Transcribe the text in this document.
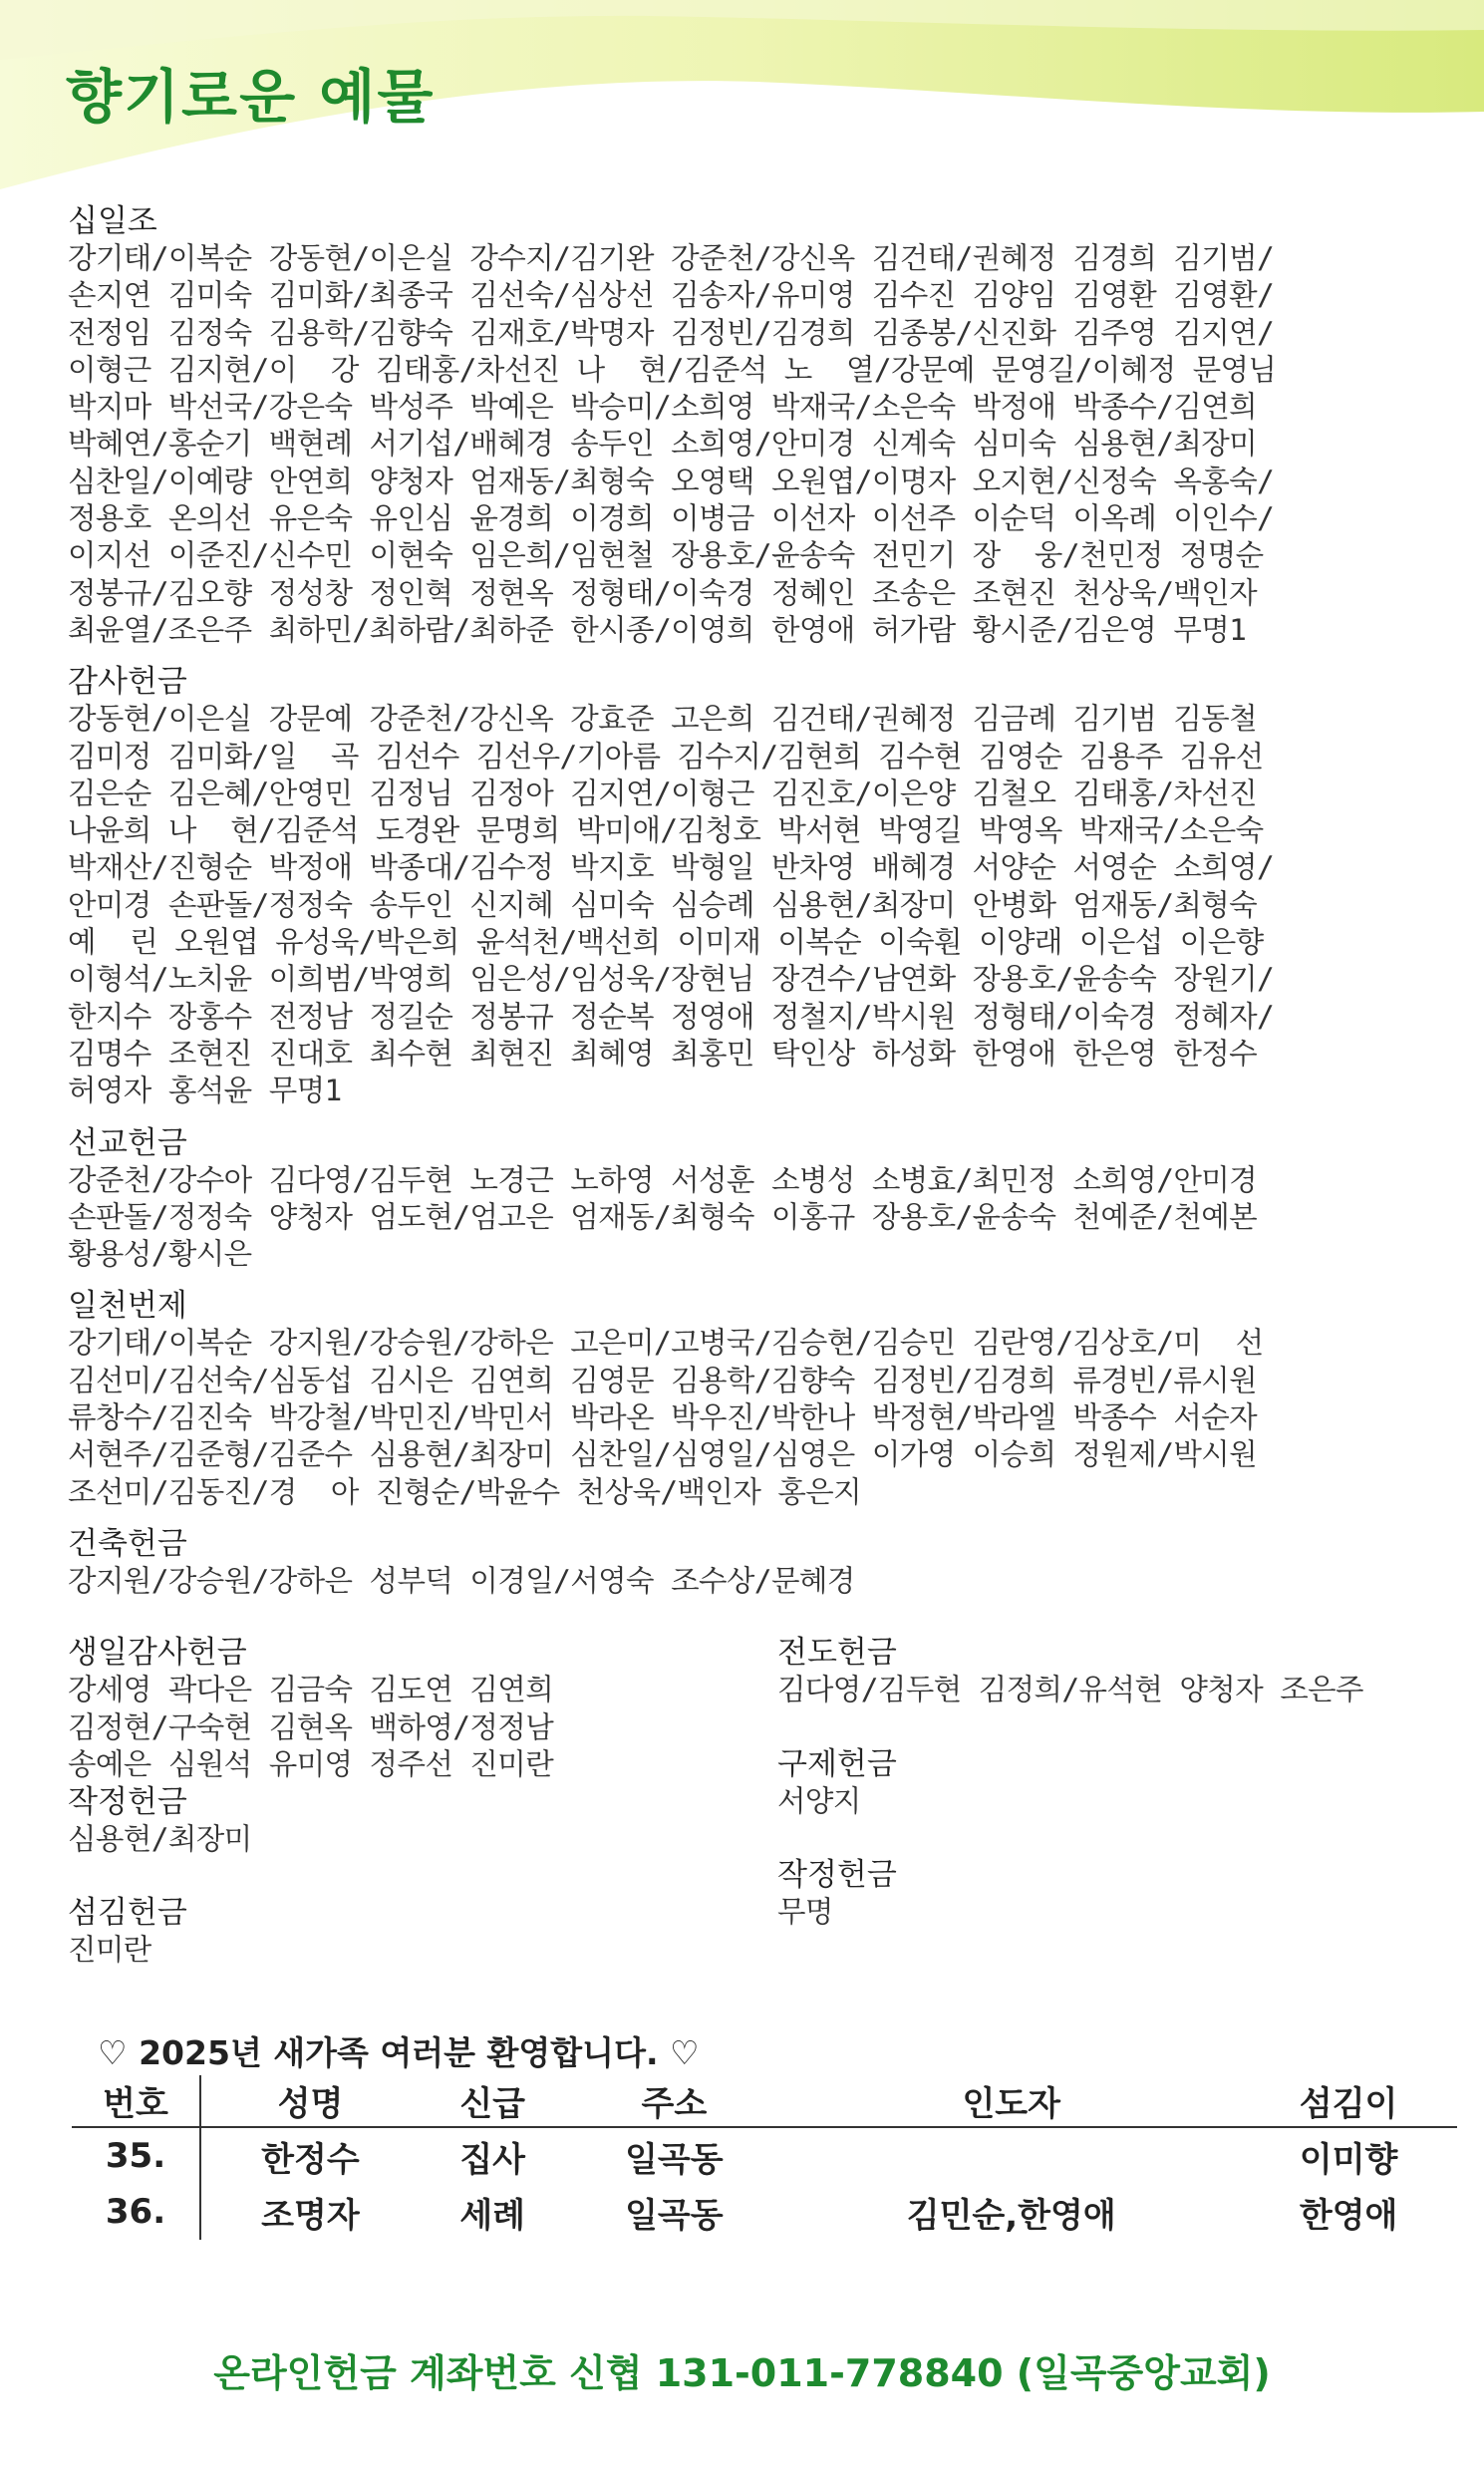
향기로운 예물
십일조
강기태/이복순 강동현/이은실 강수지/김기완 강준천/강신옥 김건태/권혜정 김경희 김기범/
손지연 김미숙 김미화/최종국 김선숙/심상선 김송자/유미영 김수진 김양임 김영환 김영환/
전정임 김정숙 김용학/김향숙 김재호/박명자 김정빈/김경희 김종봉/신진화 김주영 김지연/
이형근 김지현/이  강 김태홍/차선진 나  현/김준석 노  열/강문예 문영길/이혜정 문영님
박지마 박선국/강은숙 박성주 박예은 박승미/소희영 박재국/소은숙 박정애 박종수/김연희
박혜연/홍순기 백현례 서기섭/배혜경 송두인 소희영/안미경 신계숙 심미숙 심용현/최장미
심찬일/이예량 안연희 양청자 엄재동/최형숙 오영택 오원엽/이명자 오지현/신정숙 옥홍숙/
정용호 온의선 유은숙 유인심 윤경희 이경희 이병금 이선자 이선주 이순덕 이옥례 이인수/
이지선 이준진/신수민 이현숙 임은희/임현철 장용호/윤송숙 전민기 장  웅/천민정 정명순
정봉규/김오향 정성창 정인혁 정현옥 정형태/이숙경 정혜인 조송은 조현진 천상욱/백인자
최윤열/조은주 최하민/최하람/최하준 한시종/이영희 한영애 허가람 황시준/김은영 무명1
감사헌금
강동현/이은실 강문예 강준천/강신옥 강효준 고은희 김건태/권혜정 김금례 김기범 김동철
김미정 김미화/일  곡 김선수 김선우/기아름 김수지/김현희 김수현 김영순 김용주 김유선
김은순 김은혜/안영민 김정님 김정아 김지연/이형근 김진호/이은양 김철오 김태홍/차선진
나윤희 나  현/김준석 도경완 문명희 박미애/김청호 박서현 박영길 박영옥 박재국/소은숙
박재산/진형순 박정애 박종대/김수정 박지호 박형일 반차영 배혜경 서양순 서영순 소희영/
안미경 손판돌/정정숙 송두인 신지혜 심미숙 심승례 심용현/최장미 안병화 엄재동/최형숙
예  린 오원엽 유성욱/박은희 윤석천/백선희 이미재 이복순 이숙훤 이양래 이은섭 이은향
이형석/노치윤 이희범/박영희 임은성/임성욱/장현님 장견수/남연화 장용호/윤송숙 장원기/
한지수 장홍수 전정남 정길순 정봉규 정순복 정영애 정철지/박시원 정형태/이숙경 정혜자/
김명수 조현진 진대호 최수현 최현진 최혜영 최홍민 탁인상 하성화 한영애 한은영 한정수
허영자 홍석윤 무명1
선교헌금
강준천/강수아 김다영/김두현 노경근 노하영 서성훈 소병성 소병효/최민정 소희영/안미경
손판돌/정정숙 양청자 엄도현/엄고은 엄재동/최형숙 이홍규 장용호/윤송숙 천예준/천예본
황용성/황시은
일천번제
강기태/이복순 강지원/강승원/강하은 고은미/고병국/김승현/김승민 김란영/김상호/미  선
김선미/김선숙/심동섭 김시은 김연희 김영문 김용학/김향숙 김정빈/김경희 류경빈/류시원
류창수/김진숙 박강철/박민진/박민서 박라온 박우진/박한나 박정현/박라엘 박종수 서순자
서현주/김준형/김준수 심용현/최장미 심찬일/심영일/심영은 이가영 이승희 정원제/박시원
조선미/김동진/경  아 진형순/박윤수 천상욱/백인자 홍은지
건축헌금
강지원/강승원/강하은 성부덕 이경일/서영숙 조수상/문혜경
생일감사헌금
강세영 곽다은 김금숙 김도연 김연희
김정현/구숙현 김현옥 백하영/정정남
송예은 심원석 유미영 정주선 진미란
작정헌금
심용현/최장미
섬김헌금
진미란
전도헌금
김다영/김두현 김정희/유석현 양청자 조은주
구제헌금
서양지
작정헌금
무명
♡ 2025년 새가족 여러분 환영합니다. ♡
번호	성명	신급	주소	인도자	섬김이
35.	한정수	집사	일곡동		이미향
36.	조명자	세례	일곡동	김민순,한영애	한영애
온라인헌금 계좌번호 신협 131-011-778840 (일곡중앙교회)
